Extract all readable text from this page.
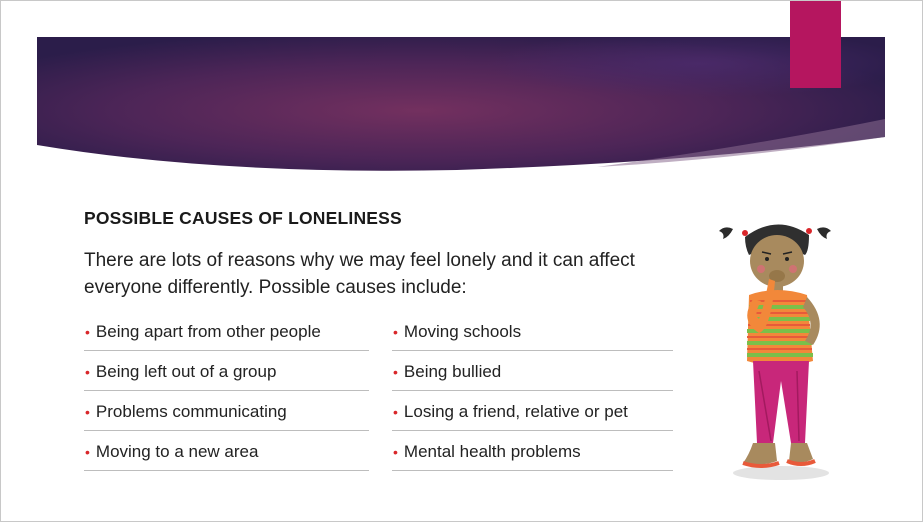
POSSIBLE CAUSES OF LONELINESS
There are lots of reasons why we may feel lonely and it can affect everyone differently. Possible causes include:
• Being apart from other people
• Being left out of a group
• Problems communicating
• Moving to a new area
• Moving schools
• Being bullied
• Losing a friend, relative or pet
• Mental health problems
